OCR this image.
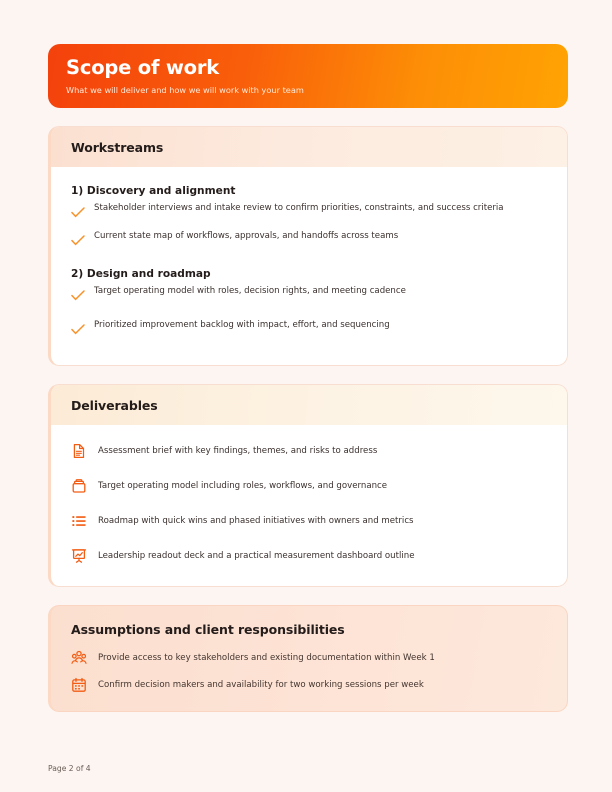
Scope of work
What we will deliver and how we will work with your team
Workstreams
1) Discovery and alignment
Stakeholder interviews and intake review to confirm priorities, constraints, and success criteria
Current state map of workflows, approvals, and handoffs across teams
2) Design and roadmap
Target operating model with roles, decision rights, and meeting cadence
Prioritized improvement backlog with impact, effort, and sequencing
Deliverables
Assessment brief with key findings, themes, and risks to address
Target operating model including roles, workflows, and governance
Roadmap with quick wins and phased initiatives with owners and metrics
Leadership readout deck and a practical measurement dashboard outline
Assumptions and client responsibilities
Provide access to key stakeholders and existing documentation within Week 1
Confirm decision makers and availability for two working sessions per week
Page 2 of 4
